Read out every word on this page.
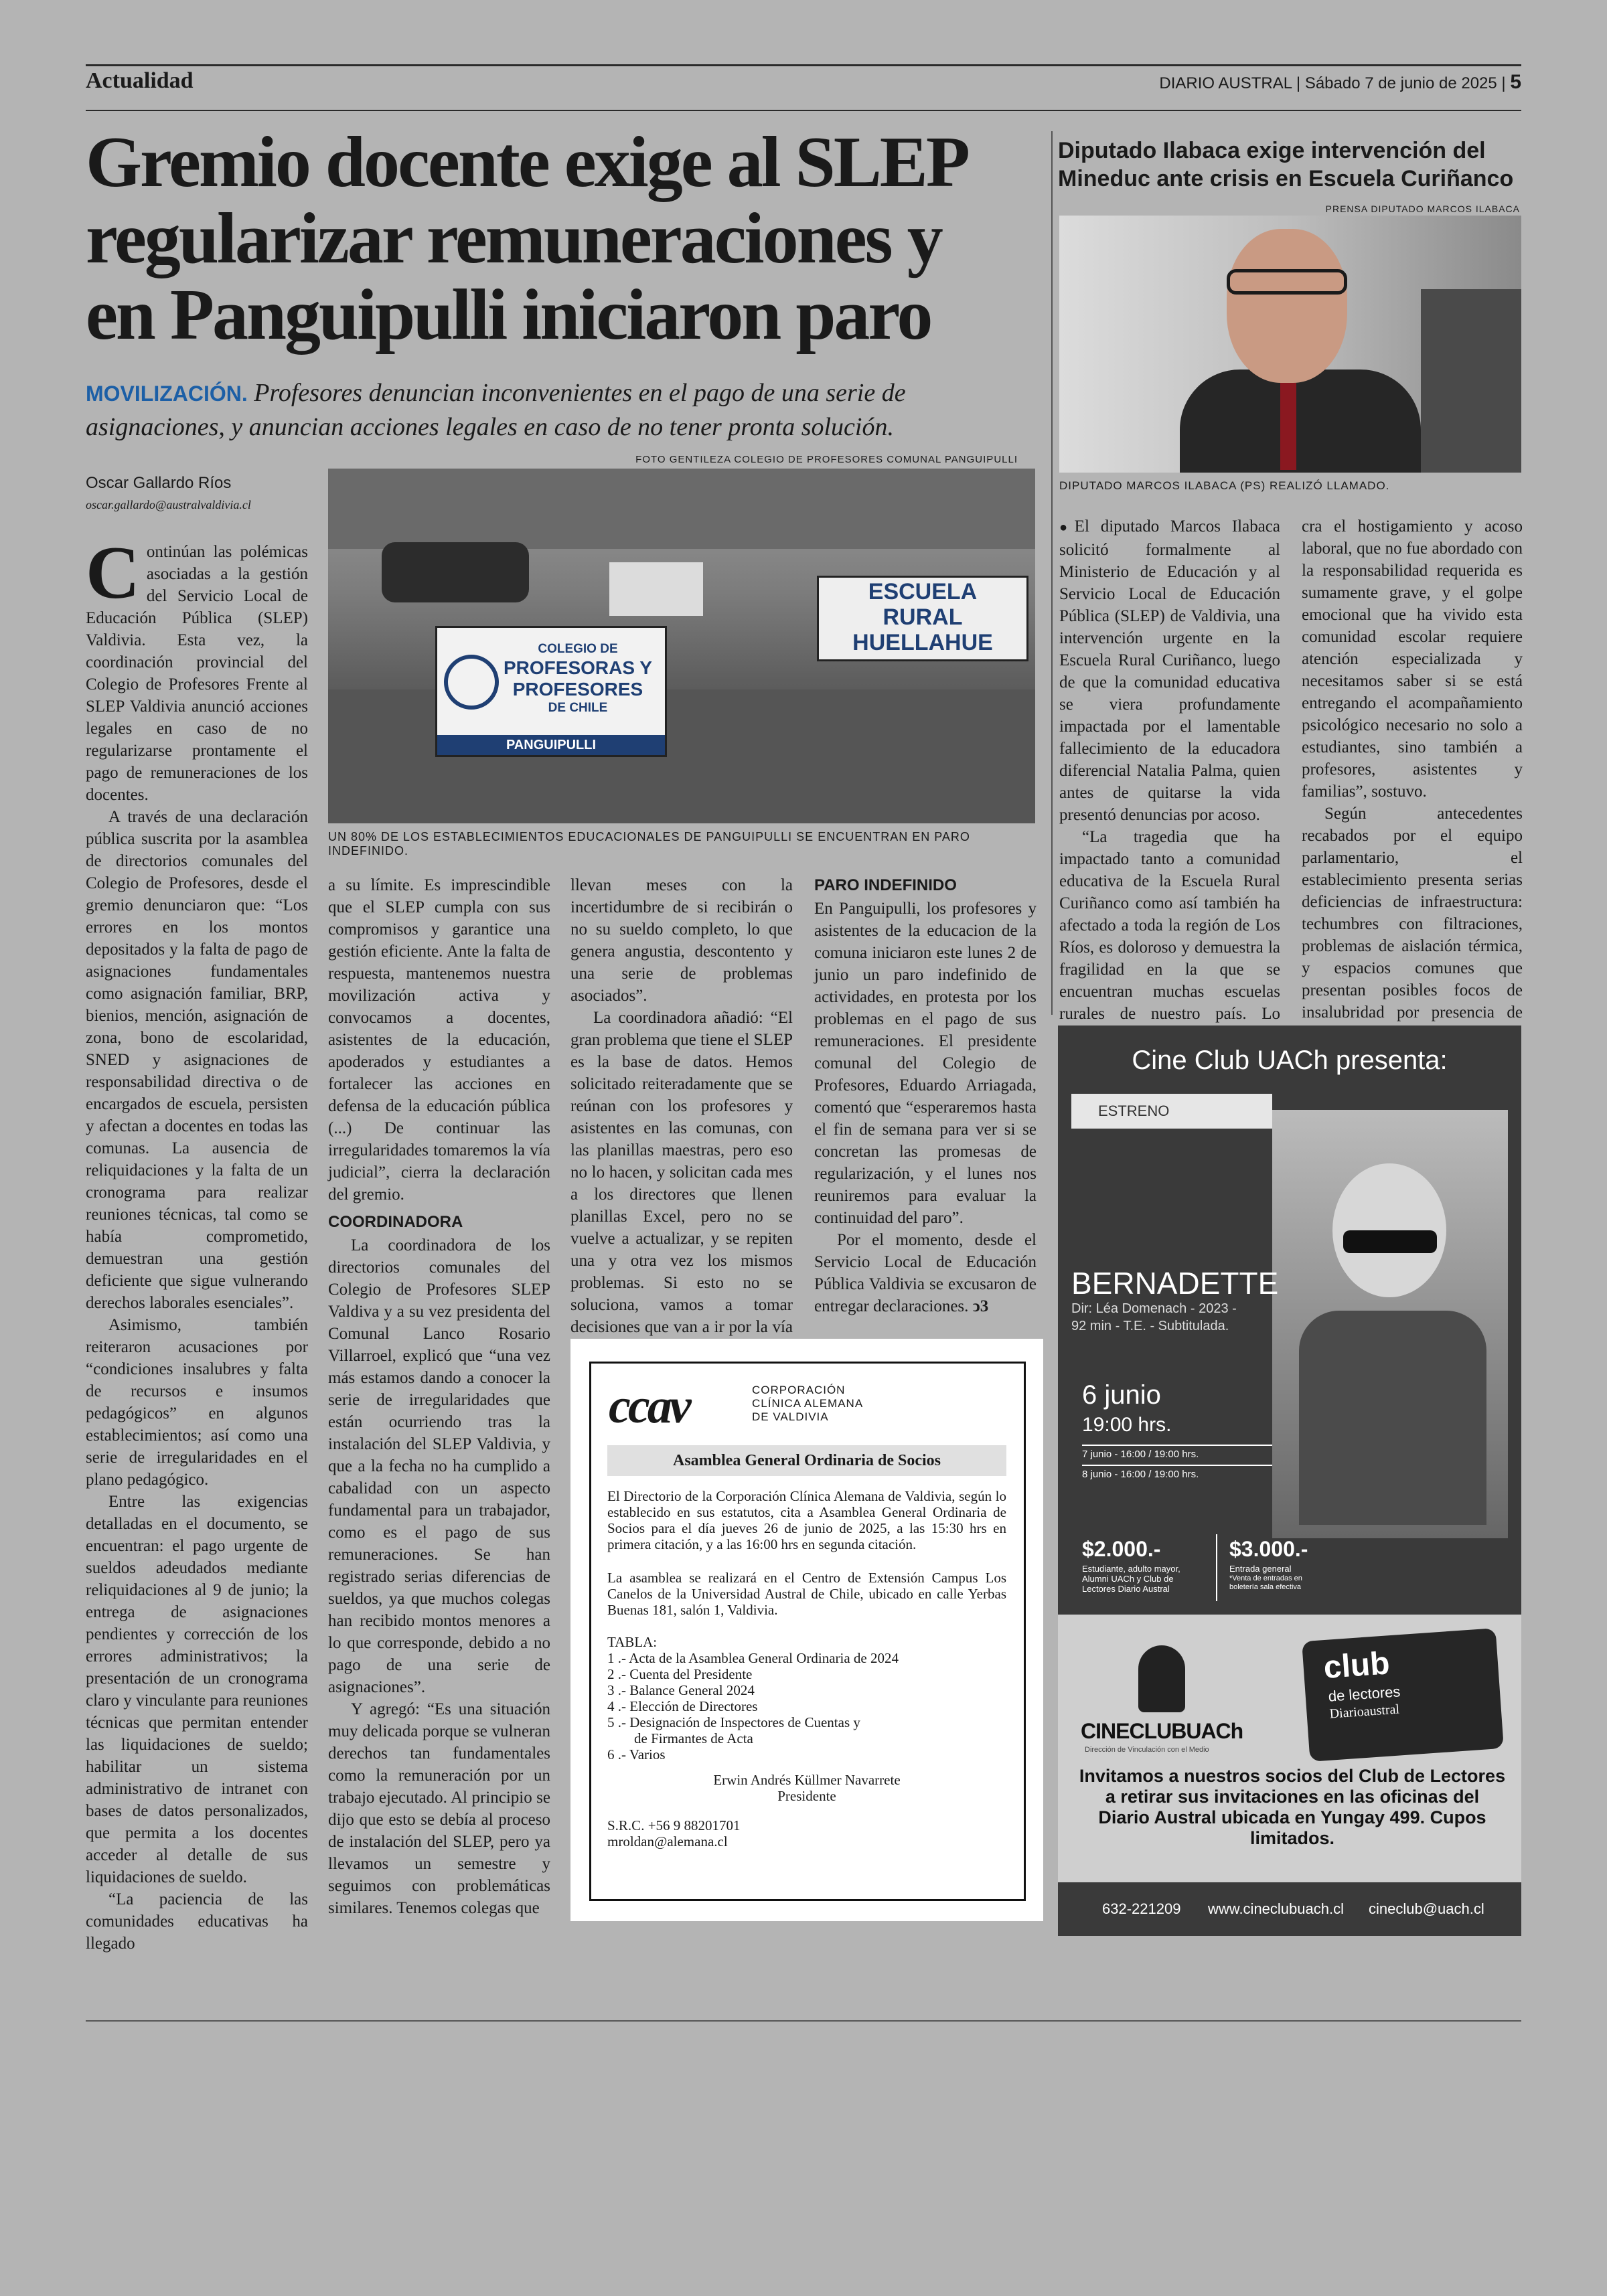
Actualidad	DIARIO AUSTRAL | Sábado 7 de junio de 2025 | 5
Gremio docente exige al SLEP regularizar remuneraciones y en Panguipulli iniciaron paro
MOVILIZACIÓN. Profesores denuncian inconvenientes en el pago de una serie de asignaciones, y anuncian acciones legales en caso de no tener pronta solución.
Oscar Gallardo Ríos
oscar.gallardo@australvaldivia.cl
FOTO GENTILEZA COLEGIO DE PROFESORES COMUNAL PANGUIPULLI
COLEGIO DE
PROFESORAS Y
PROFESORES
DE CHILE
PANGUIPULLI
ESCUELA
RURAL
HUELLAHUE
UN 80% DE LOS ESTABLECIMIENTOS EDUCACIONALES DE PANGUIPULLI SE ENCUENTRAN EN PARO INDEFINIDO.

Continúan las polémicas asociadas a la gestión del Servicio Local de Educación Pública (SLEP) Valdivia. Esta vez, la coordinación provincial del Colegio de Profesores Frente al SLEP Valdivia anunció acciones legales en caso de no regularizarse prontamente el pago de remuneraciones de los docentes.

A través de una declaración pública suscrita por la asamblea de directorios comunales del Colegio de Profesores, desde el gremio denunciaron que: “Los errores en los montos depositados y la falta de pago de asignaciones fundamentales como asignación familiar, BRP, bienios, mención, asignación de zona, bono de escolaridad, SNED y asignaciones de responsabilidad directiva o de encargados de escuela, persisten y afectan a docentes en todas las comunas. La ausencia de reliquidaciones y la falta de un cronograma para realizar reuniones técnicas, tal como se había comprometido, demuestran una gestión deficiente que sigue vulnerando derechos laborales esenciales”.

Asimismo, también reiteraron acusaciones por “condiciones insalubres y falta de recursos e insumos pedagógicos” en algunos establecimientos; así como una serie de irregularidades en el plano pedagógico.

Entre las exigencias detalladas en el documento, se encuentran: el pago urgente de sueldos adeudados mediante reliquidaciones al 9 de junio; la entrega de asignaciones pendientes y corrección de los errores administrativos; la presentación de un cronograma claro y vinculante para reuniones técnicas que permitan entender las liquidaciones de sueldo; habilitar un sistema administrativo de intranet con bases de datos personalizados, que permita a los docentes acceder al detalle de sus liquidaciones de sueldo.

“La paciencia de las comunidades educativas ha llegado

a su límite. Es imprescindible que el SLEP cumpla con sus compromisos y garantice una gestión eficiente. Ante la falta de respuesta, mantenemos nuestra movilización activa y convocamos a docentes, asistentes de la educación, apoderados y estudiantes a fortalecer las acciones en defensa de la educación pública (...) De continuar las irregularidades tomaremos la vía judicial”, cierra la declaración del gremio.

COORDINADORA

La coordinadora de los directorios comunales del Colegio de Profesores SLEP Valdiva y a su vez presidenta del Comunal Lanco Rosario Villarroel, explicó que “una vez más estamos dando a conocer la serie de irregularidades que están ocurriendo tras la instalación del SLEP Valdivia, y que a la fecha no ha cumplido a cabalidad con un aspecto fundamental para un trabajador, como es el pago de sus remuneraciones. Se han registrado serias diferencias de sueldos, ya que muchos colegas han recibido montos menores a lo que corresponde, debido a no pago de una serie de asignaciones”.

Y agregó: “Es una situación muy delicada porque se vulneran derechos tan fundamentales como la remuneración por un trabajo ejecutado. Al principio se dijo que esto se debía al proceso de instalación del SLEP, pero ya llevamos un semestre y seguimos con problemáticas similares. Tenemos colegas que

llevan meses con la incertidumbre de si recibirán o no su sueldo completo, lo que genera angustia, descontento y una serie de problemas asociados”.

La coordinadora añadió: “El gran problema que tiene el SLEP es la base de datos. Hemos solicitado reiteradamente que se reúnan con los profesores y asistentes en las comunas, con las planillas maestras, pero eso no lo hacen, y solicitan cada mes a los directores que llenen planillas Excel, pero no se vuelve a actualizar, y se repiten una y otra vez los mismos problemas. Si esto no se soluciona, vamos a tomar decisiones que van a ir por la vía

PARO INDEFINIDO

En Panguipulli, los profesores y asistentes de la educacion de la comuna iniciaron este lunes 2 de junio un paro indefinido de actividades, en protesta por los problemas en el pago de sus remuneraciones. El presidente comunal del Colegio de Profesores, Eduardo Arriagada, comentó que “esperaremos hasta el fin de semana para ver si se concretan las promesas de regularización, y el lunes nos reuniremos para evaluar la continuidad del paro”.

Por el momento, desde el Servicio Local de Educación Pública Valdivia se excusaron de entregar declaraciones. ↄ3

ccav	CORPORACIÓN
CLÍNICA ALEMANA
DE VALDIVIA
Asamblea General Ordinaria de Socios
El Directorio de la Corporación Clínica Alemana de Valdivia, según lo establecido en sus estatutos, cita a Asamblea General Ordinaria de Socios para el día jueves 26 de junio de 2025, a las 15:30 hrs en primera citación, y a las 16:00 hrs en segunda citación.
La asamblea se realizará en el Centro de Extensión Campus Los Canelos de la Universidad Austral de Chile, ubicado en calle Yerbas Buenas 181, salón 1, Valdivia.
TABLA:
1 .- Acta de la Asamblea General Ordinaria de 2024
2 .- Cuenta del Presidente
3 .- Balance General 2024
4 .- Elección de Directores
5 .- Designación de Inspectores de Cuentas y
de Firmantes de Acta
6 .- Varios
Erwin Andrés Küllmer Navarrete
Presidente
S.R.C. +56 9 88201701
mroldan@alemana.cl
Diputado Ilabaca exige intervención del Mineduc ante crisis en Escuela Curiñanco
PRENSA DIPUTADO MARCOS ILABACA
DIPUTADO MARCOS ILABACA (PS) REALIZÓ LLAMADO.

●El diputado Marcos Ilabaca solicitó formalmente al Ministerio de Educación y al Servicio Local de Educación Pública (SLEP) de Valdivia, una intervención urgente en la Escuela Rural Curiñanco, luego de que la comunidad educativa se viera profundamente impactada por el lamentable fallecimiento de la educadora diferencial Natalia Palma, quien antes de quitarse la vida presentó denuncias por acoso.

“La tragedia que ha impactado tanto a comunidad educativa de la Escuela Rural Curiñanco como así también ha afectado a toda la región de Los Ríos, es doloroso y demuestra la fragilidad en la que se encuentran muchas escuelas rurales de nuestro país. Lo

cra el hostigamiento y acoso laboral, que no fue abordado con la responsabilidad requerida es sumamente grave, y el golpe emocional que ha vivido esta comunidad escolar requiere atención especializada y necesitamos saber si se está entregando el acompañamiento psicológico necesario no solo a estudiantes, sino también a profesores, asistentes y familias”, sostuvo.

Según antecedentes recabados por el equipo parlamentario, el establecimiento presenta serias deficiencias de infraestructura: techumbres con filtraciones, problemas de aislación térmica, y espacios comunes que presentan posibles focos de insalubridad por presencia de

Cine Club UACh presenta:
ESTRENO
BERNADETTE
Dir: Léa Domenach - 2023 -
92 min - T.E. - Subtitulada.
6 junio
19:00 hrs.
7 junio - 16:00 / 19:00 hrs.
8 junio - 16:00 / 19:00 hrs.
$2.000.-
Estudiante, adulto mayor, Alumni UACh y Club de Lectores Diario Austral
$3.000.-
Entrada general
*Venta de entradas en boletería sala efectiva
CINECLUBUACh
Dirección de Vinculación con el Medio
club
de lectores
Diarioaustral
Invitamos a nuestros socios del Club de Lectores a retirar sus invitaciones en las oficinas del Diario Austral ubicada en Yungay 499. Cupos limitados.
632-221209 www.cineclubuach.cl cineclub@uach.cl
